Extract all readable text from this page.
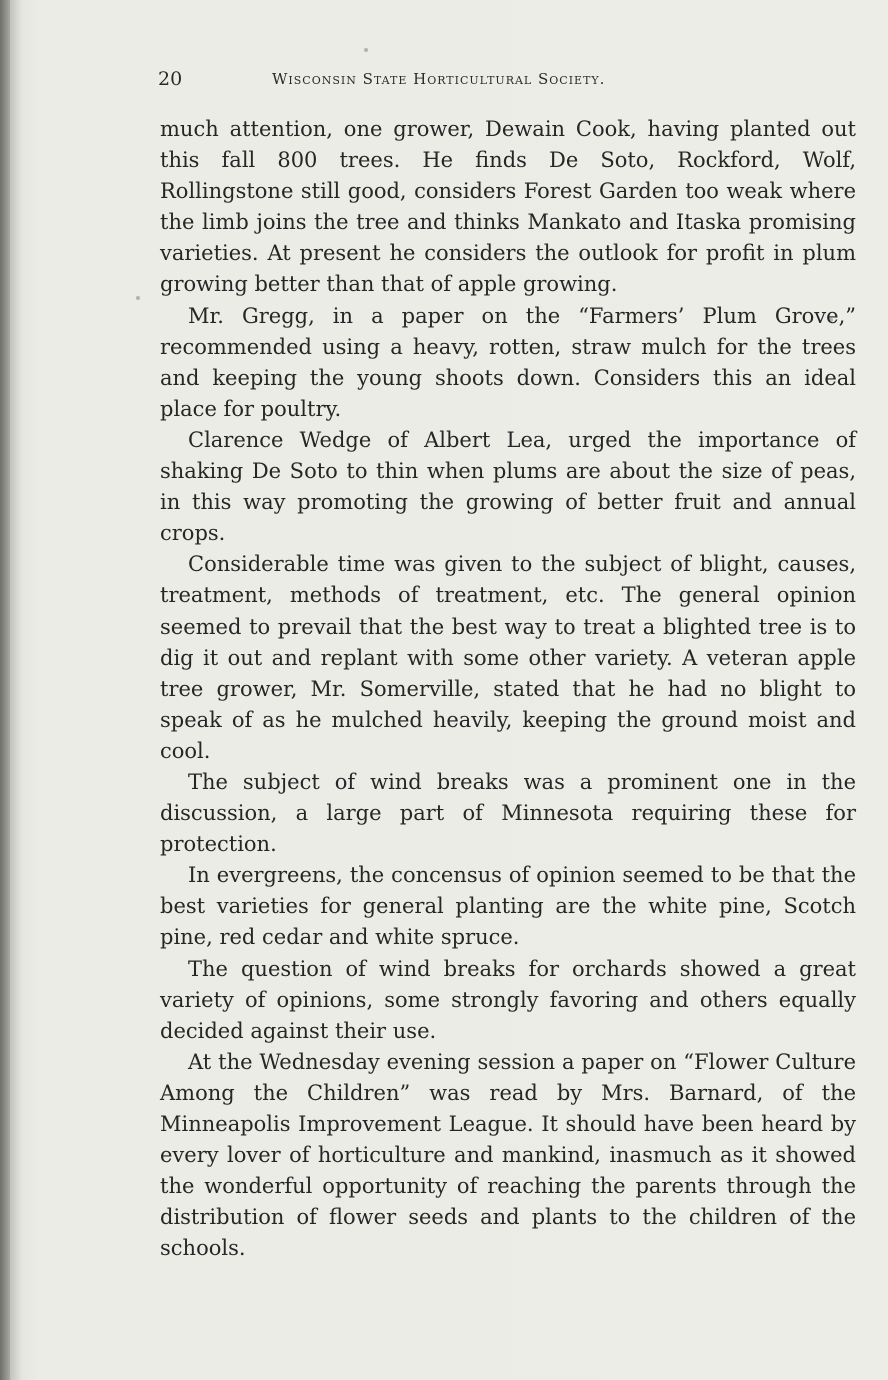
20	Wisconsin State Horticultural Society.

much attention, one grower, Dewain Cook, having planted out this fall 800 trees. He finds De Soto, Rockford, Wolf, Rollingstone still good, considers Forest Garden too weak where the limb joins the tree and thinks Mankato and Itaska promising varieties. At present he considers the outlook for profit in plum growing better than that of apple growing.

Mr. Gregg, in a paper on the “Farmers’ Plum Grove,” recommended using a heavy, rotten, straw mulch for the trees and keeping the young shoots down. Considers this an ideal place for poultry.

Clarence Wedge of Albert Lea, urged the importance of shaking De Soto to thin when plums are about the size of peas, in this way promoting the growing of better fruit and annual crops.

Considerable time was given to the subject of blight, causes, treatment, methods of treatment, etc. The general opinion seemed to prevail that the best way to treat a blighted tree is to dig it out and replant with some other variety. A veteran apple tree grower, Mr. Somerville, stated that he had no blight to speak of as he mulched heavily, keeping the ground moist and cool.

The subject of wind breaks was a prominent one in the discussion, a large part of Minnesota requiring these for protection.

In evergreens, the concensus of opinion seemed to be that the best varieties for general planting are the white pine, Scotch pine, red cedar and white spruce.

The question of wind breaks for orchards showed a great variety of opinions, some strongly favoring and others equally decided against their use.

At the Wednesday evening session a paper on “Flower Culture Among the Children” was read by Mrs. Barnard, of the Minneapolis Improvement League. It should have been heard by every lover of horticulture and mankind, inasmuch as it showed the wonderful opportunity of reaching the parents through the distribution of flower seeds and plants to the children of the schools.
